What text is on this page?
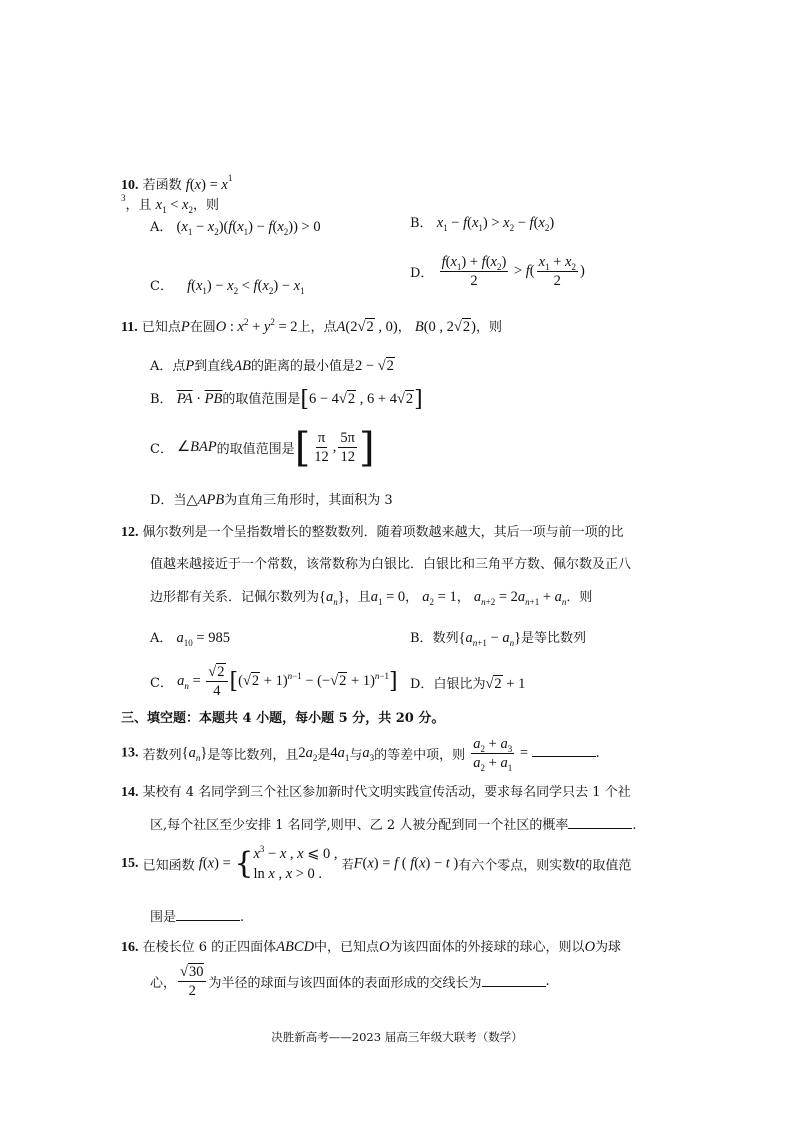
10. 若函数 $f(x) = x^{1 3}$，且 $x_1 < x_2$，则
A． $(x_1 - x_2)(f(x_1) - f(x_2)) > 0$	B． $x_1 - f(x_1) > x_2 - f(x_2)$
C． $f(x_1) - x_2 < f(x_2) - x_1$
D． $\frac{f(x_1) + f(x_2)}{2} > f( \frac{x_1 + x_2}{2}$ )
11. 已知点P在圆O : $x^2 + y^2 = 2$上，点A(2√2 , 0)， B(0 , 2√2)，则
A．点P到直线AB的距离的最小值是2 − √2
B． $\overline{PA} \cdot \overline{PB}$的取值范围是[6 − 4√2 , 6 + 4√2]
C． ∠BAP的取值范围是[ $\frac{\pi}{12}$ , $\frac{5\pi}{12}$ ]
D．当△APB为直角三角形时，其面积为 3
12. 佩尔数列是一个呈指数增长的整数数列．随着项数越来越大，其后一项与前一项的比
值越来越接近于一个常数，该常数称为白银比．白银比和三角平方数、佩尔数及正八
边形都有关系．记佩尔数列为$\{a_n\}$，且$a_1 = 0$， $a_2 = 1$， $a_{n+2} = 2a_{n+1} + a_n$．则
A． $a_{10} = 985$	B．数列$\{a_{n+1} - a_n\}$是等比数列
C． $a_n = \frac{√2}{4} [(√2 + 1)^{n-1} - (-√2 + 1)^{n-1}]$ D．白银比为√2 + 1
三、填空题：本题共 4 小题，每小题 5 分，共 20 分。
13. 若数列$\{a_n\}$是等比数列，且$2a_2$是$4a_1$与$a_3$的等差中项，则 $\frac{a_2 + a_3}{a_2 + a_1}$ =	.
14. 某校有 4 名同学到三个社区参加新时代文明实践宣传活动，要求每名同学只去 1 个社
区,每个社区至少安排 1 名同学,则甲、乙 2 人被分配到同一个社区的概率	.
15. 已知函数 $f(x) = \{x^3 - x$ , x ⩽ 0 ,
ln x , x > 0 . 若F(x) = f ( f(x) − t )有六个零点，则实数t的取值范
围是	.
16. 在棱长位 6 的正四面体ABCD中，已知点O为该四面体的外接球的球心，则以O为球
心， $\frac{√30}{2}$ 为半径的球面与该四面体的表面形成的交线长为	.
决胜新高考——2023 届高三年级大联考（数学）
